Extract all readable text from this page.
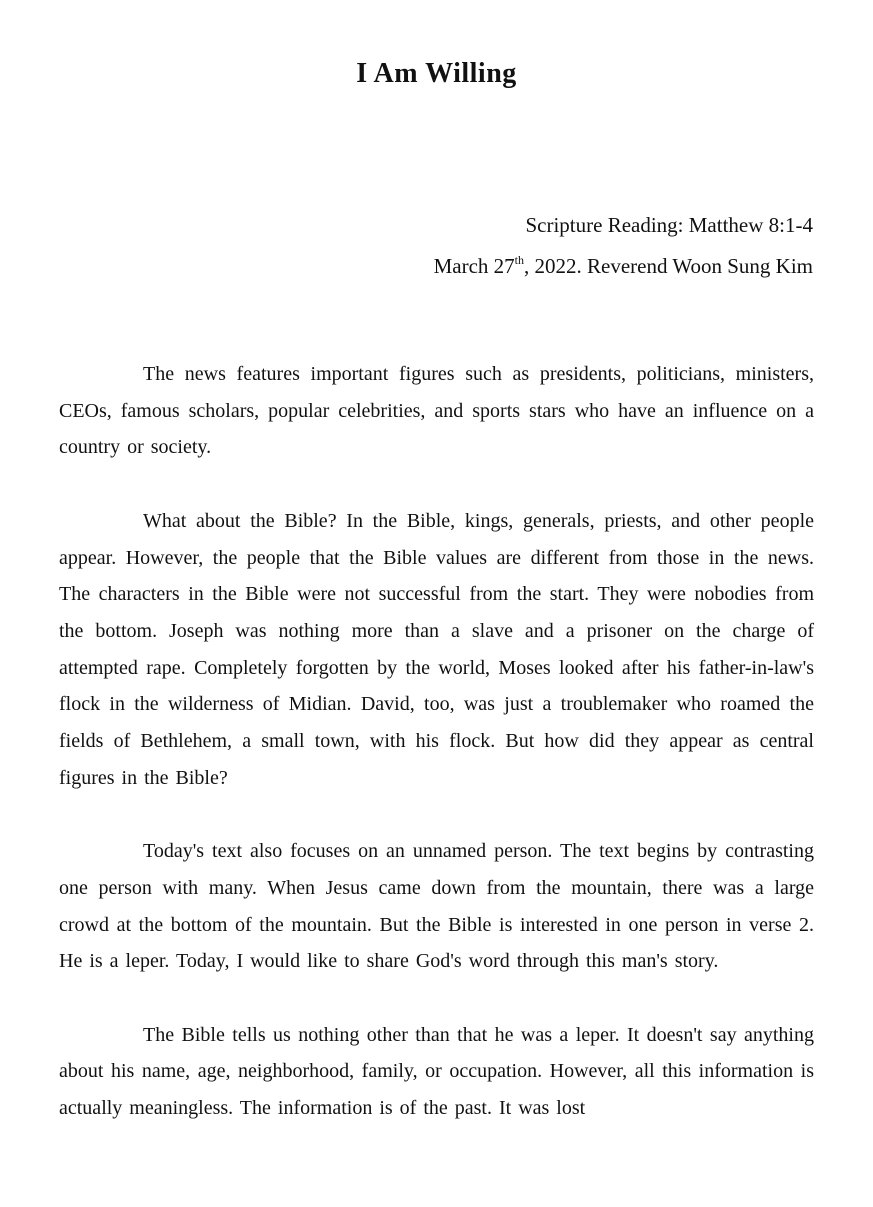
I Am Willing
Scripture Reading: Matthew 8:1-4
March 27th, 2022. Reverend Woon Sung Kim

The news features important figures such as presidents, politicians, ministers, CEOs, famous scholars, popular celebrities, and sports stars who have an influence on a country or society.

What about the Bible? In the Bible, kings, generals, priests, and other people appear. However, the people that the Bible values are different from those in the news. The characters in the Bible were not successful from the start. They were nobodies from the bottom. Joseph was nothing more than a slave and a prisoner on the charge of attempted rape. Completely forgotten by the world, Moses looked after his father-in-law's flock in the wilderness of Midian. David, too, was just a troublemaker who roamed the fields of Bethlehem, a small town, with his flock. But how did they appear as central figures in the Bible?

Today's text also focuses on an unnamed person. The text begins by contrasting one person with many. When Jesus came down from the mountain, there was a large crowd at the bottom of the mountain. But the Bible is interested in one person in verse 2. He is a leper. Today, I would like to share God's word through this man's story.

The Bible tells us nothing other than that he was a leper. It doesn't say anything about his name, age, neighborhood, family, or occupation. However, all this information is actually meaningless. The information is of the past. It was lost
